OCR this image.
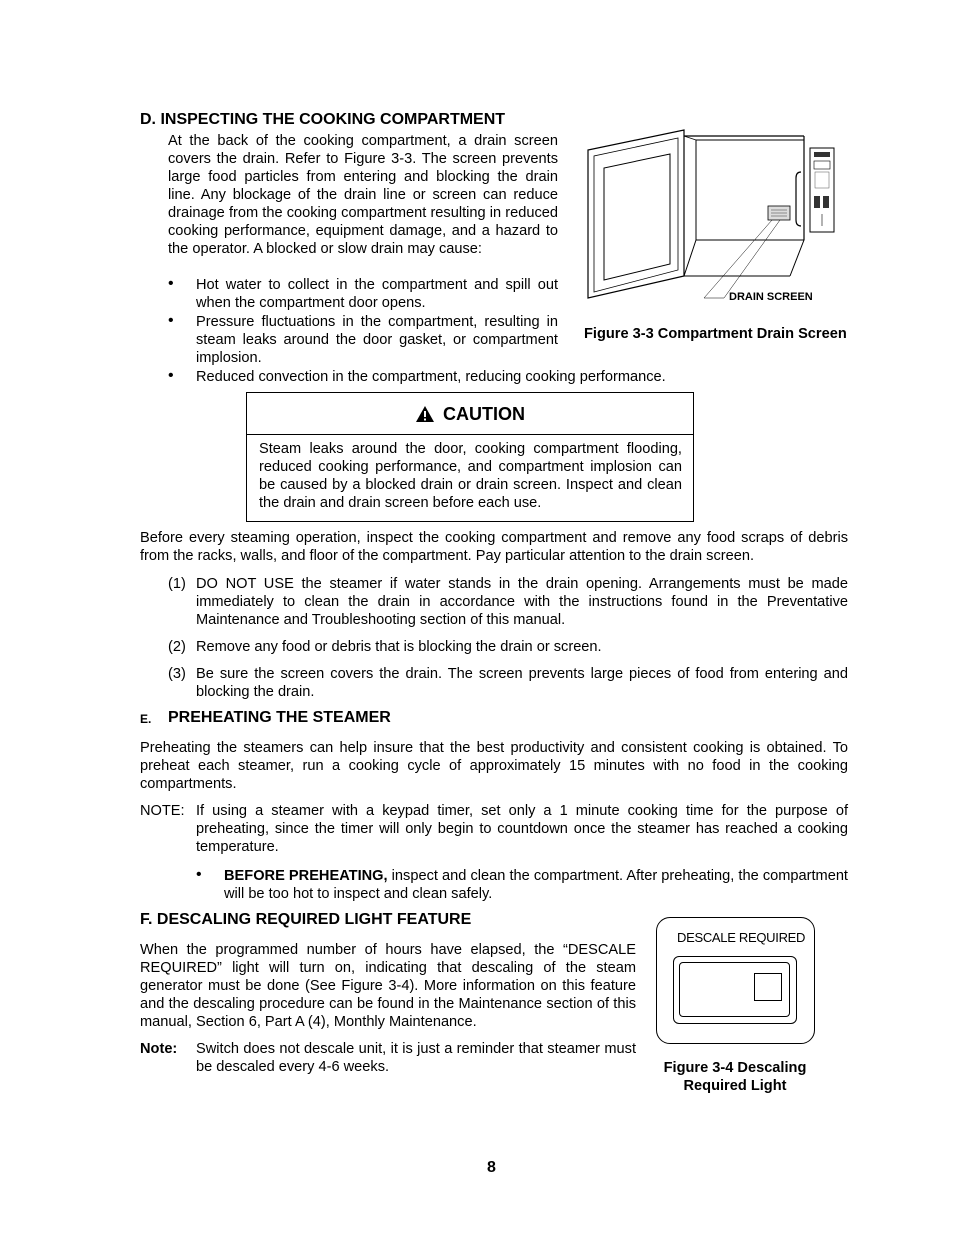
D. INSPECTING THE COOKING COMPARTMENT
At the back of the cooking compartment, a drain screen covers the drain. Refer to Figure 3-3. The screen prevents large food particles from entering and blocking the drain line. Any blockage of the drain line or screen can reduce drainage from the cooking compartment resulting in reduced cooking performance, equipment damage, and a hazard to the operator. A blocked or slow drain may cause:
• Hot water to collect in the compartment and spill out when the compartment door opens.
• Pressure fluctuations in the compartment, resulting in steam leaks around the door gasket, or compartment implosion.
• Reduced convection in the compartment, reducing cooking performance.
DRAIN SCREEN
Figure 3-3 Compartment Drain Screen
CAUTION
Steam leaks around the door, cooking compartment flooding, reduced cooking performance, and compartment implosion can be caused by a blocked drain or drain screen. Inspect and clean the drain and drain screen before each use.
Before every steaming operation, inspect the cooking compartment and remove any food scraps of debris from the racks, walls, and floor of the compartment. Pay particular attention to the drain screen.
(1) DO NOT USE the steamer if water stands in the drain opening. Arrangements must be made immediately to clean the drain in accordance with the instructions found in the Preventative Maintenance and Troubleshooting section of this manual.
(2) Remove any food or debris that is blocking the drain or screen.
(3) Be sure the screen covers the drain. The screen prevents large pieces of food from entering and blocking the drain.
E. PREHEATING THE STEAMER
Preheating the steamers can help insure that the best productivity and consistent cooking is obtained. To preheat each steamer, run a cooking cycle of approximately 15 minutes with no food in the cooking compartments.
NOTE: If using a steamer with a keypad timer, set only a 1 minute cooking time for the purpose of preheating, since the timer will only begin to countdown once the steamer has reached a cooking temperature.
• BEFORE PREHEATING, inspect and clean the compartment. After preheating, the compartment will be too hot to inspect and clean safely.
F. DESCALING REQUIRED LIGHT FEATURE
When the programmed number of hours have elapsed, the “DESCALE REQUIRED” light will turn on, indicating that descaling of the steam generator must be done (See Figure 3-4). More information on this feature and the descaling procedure can be found in the Maintenance section of this manual, Section 6, Part A (4), Monthly Maintenance.
Note: Switch does not descale unit, it is just a reminder that steamer must be descaled every 4-6 weeks.
DESCALE REQUIRED
Figure 3-4 Descaling
Required Light
8
